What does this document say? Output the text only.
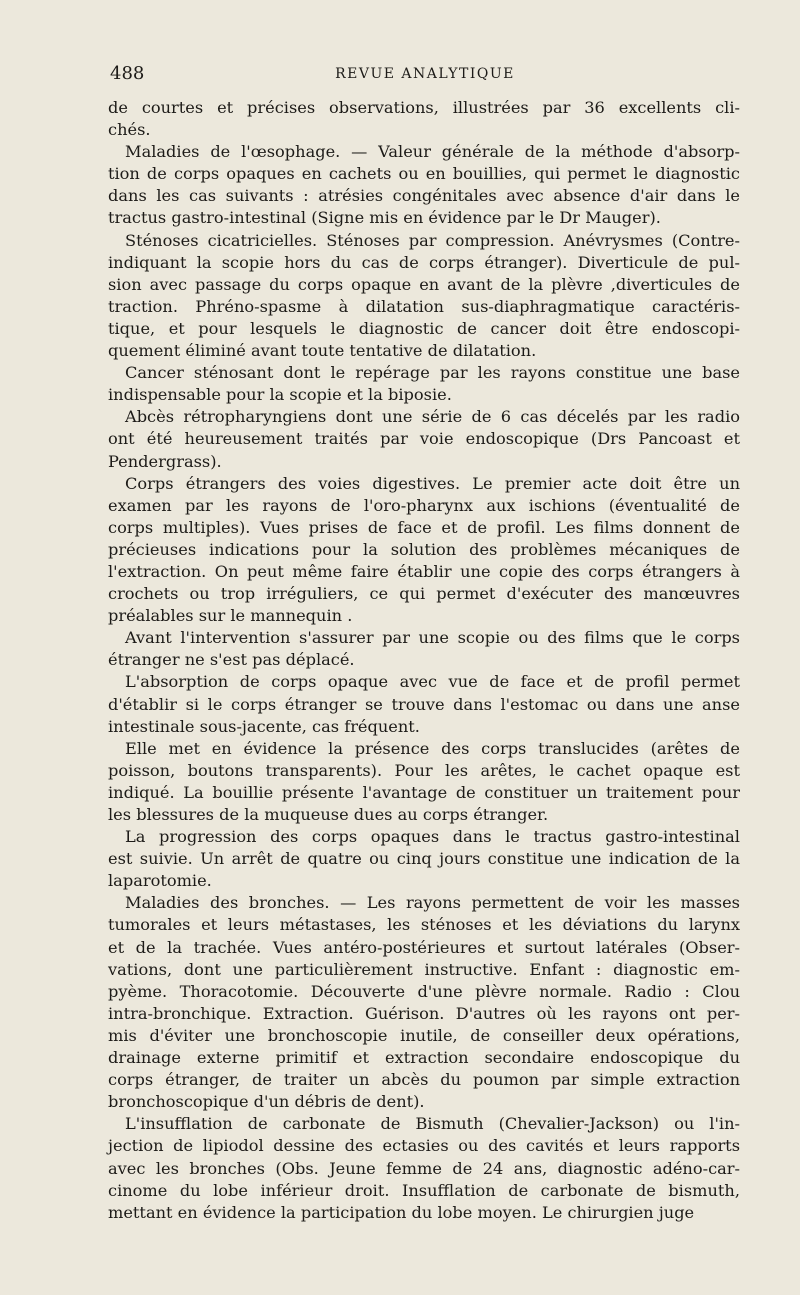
488	REVUE ANALYTIQUE
de courtes et précises observations, illustrées par 36 excellents cli-
chés.
Maladies de l'œsophage. — Valeur générale de la méthode d'absorp-
tion de corps opaques en cachets ou en bouillies, qui permet le diagnostic
dans les cas suivants : atrésies congénitales avec absence d'air dans le
tractus gastro-intestinal (Signe mis en évidence par le Dr Mauger).
Sténoses cicatricielles. Sténoses par compression. Anévrysmes (Contre-
indiquant la scopie hors du cas de corps étranger). Diverticule de pul-
sion avec passage du corps opaque en avant de la plèvre ,diverticules de
traction. Phréno-spasme à dilatation sus-diaphragmatique caractéris-
tique, et pour lesquels le diagnostic de cancer doit être endoscopi-
quement éliminé avant toute tentative de dilatation.
Cancer sténosant dont le repérage par les rayons constitue une base
indispensable pour la scopie et la biposie.
Abcès rétropharyngiens dont une série de 6 cas décelés par les radio
ont été heureusement traités par voie endoscopique (Drs Pancoast et
Pendergrass).
Corps étrangers des voies digestives. Le premier acte doit être un
examen par les rayons de l'oro-pharynx aux ischions (éventualité de
corps multiples). Vues prises de face et de profil. Les films donnent de
précieuses indications pour la solution des problèmes mécaniques de
l'extraction. On peut même faire établir une copie des corps étrangers à
crochets ou trop irréguliers, ce qui permet d'exécuter des manœuvres
préalables sur le mannequin .
Avant l'intervention s'assurer par une scopie ou des films que le corps
étranger ne s'est pas déplacé.
L'absorption de corps opaque avec vue de face et de profil permet
d'établir si le corps étranger se trouve dans l'estomac ou dans une anse
intestinale sous-jacente, cas fréquent.
Elle met en évidence la présence des corps translucides (arêtes de
poisson, boutons transparents). Pour les arêtes, le cachet opaque est
indiqué. La bouillie présente l'avantage de constituer un traitement pour
les blessures de la muqueuse dues au corps étranger.
La progression des corps opaques dans le tractus gastro-intestinal
est suivie. Un arrêt de quatre ou cinq jours constitue une indication de la
laparotomie.
Maladies des bronches. — Les rayons permettent de voir les masses
tumorales et leurs métastases, les sténoses et les déviations du larynx
et de la trachée. Vues antéro-postérieures et surtout latérales (Obser-
vations, dont une particulièrement instructive. Enfant : diagnostic em-
pyème. Thoracotomie. Découverte d'une plèvre normale. Radio : Clou
intra-bronchique. Extraction. Guérison. D'autres où les rayons ont per-
mis d'éviter une bronchoscopie inutile, de conseiller deux opérations,
drainage externe primitif et extraction secondaire endoscopique du
corps étranger, de traiter un abcès du poumon par simple extraction
bronchoscopique d'un débris de dent).
L'insufflation de carbonate de Bismuth (Chevalier-Jackson) ou l'in-
jection de lipiodol dessine des ectasies ou des cavités et leurs rapports
avec les bronches (Obs. Jeune femme de 24 ans, diagnostic adéno-car-
cinome du lobe inférieur droit. Insufflation de carbonate de bismuth,
mettant en évidence la participation du lobe moyen. Le chirurgien juge
